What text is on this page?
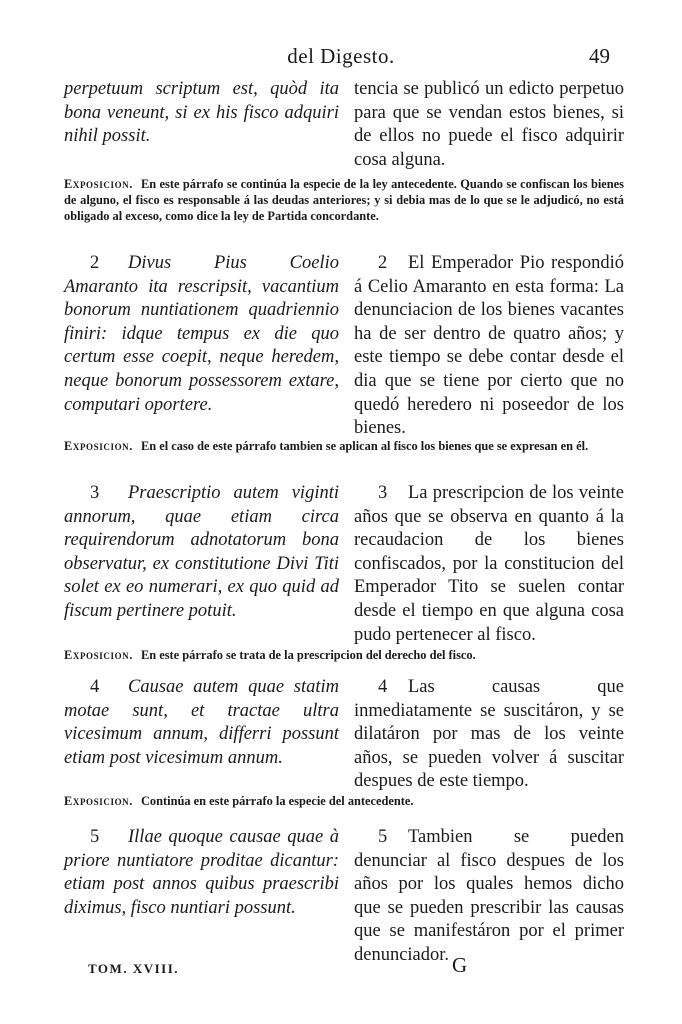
del Digesto.	49
perpetuum scriptum est, quòd ita bona veneunt, si ex his fisco adquiri nihil possit.
tencia se publicó un edicto perpetuo para que se vendan estos bienes, si de ellos no puede el fisco adquirir cosa alguna.
Exposicion. En este párrafo se continúa la especie de la ley antecedente. Quando se confiscan los bienes de alguno, el fisco es responsable á las deudas anteriores; y si debia mas de lo que se le adjudicó, no está obligado al exceso, como dice la ley de Partida concordante.
2 Divus Pius Coelio Amaranto ita rescripsit, vacantium bonorum nuntiationem quadriennio finiri: idque tempus ex die quo certum esse coepit, neque heredem, neque bonorum possessorem extare, computari oportere.
2 El Emperador Pio respondió á Celio Amaranto en esta forma: La denunciacion de los bienes vacantes ha de ser dentro de quatro años; y este tiempo se debe contar desde el dia que se tiene por cierto que no quedó heredero ni poseedor de los bienes.
Exposicion. En el caso de este párrafo tambien se aplican al fisco los bienes que se expresan en él.
3 Praescriptio autem viginti annorum, quae etiam circa requirendorum adnotatorum bona observatur, ex constitutione Divi Titi solet ex eo numerari, ex quo quid ad fiscum pertinere potuit.
3 La prescripcion de los veinte años que se observa en quanto á la recaudacion de los bienes confiscados, por la constitucion del Emperador Tito se suelen contar desde el tiempo en que alguna cosa pudo pertenecer al fisco.
Exposicion. En este párrafo se trata de la prescripcion del derecho del fisco.
4 Causae autem quae statim motae sunt, et tractae ultra vicesimum annum, differri possunt etiam post vicesimum annum.
4 Las causas que inmediatamente se suscitáron, y se dilatáron por mas de los veinte años, se pueden volver á suscitar despues de este tiempo.
Exposicion. Continúa en este párrafo la especie del antecedente.
5 Illae quoque causae quae à priore nuntiatore proditae dicantur: etiam post annos quibus praescribi diximus, fisco nuntiari possunt.
5 Tambien se pueden denunciar al fisco despues de los años por los quales hemos dicho que se pueden prescribir las causas que se manifestáron por el primer denunciador.
TOM. XVIII.	G
